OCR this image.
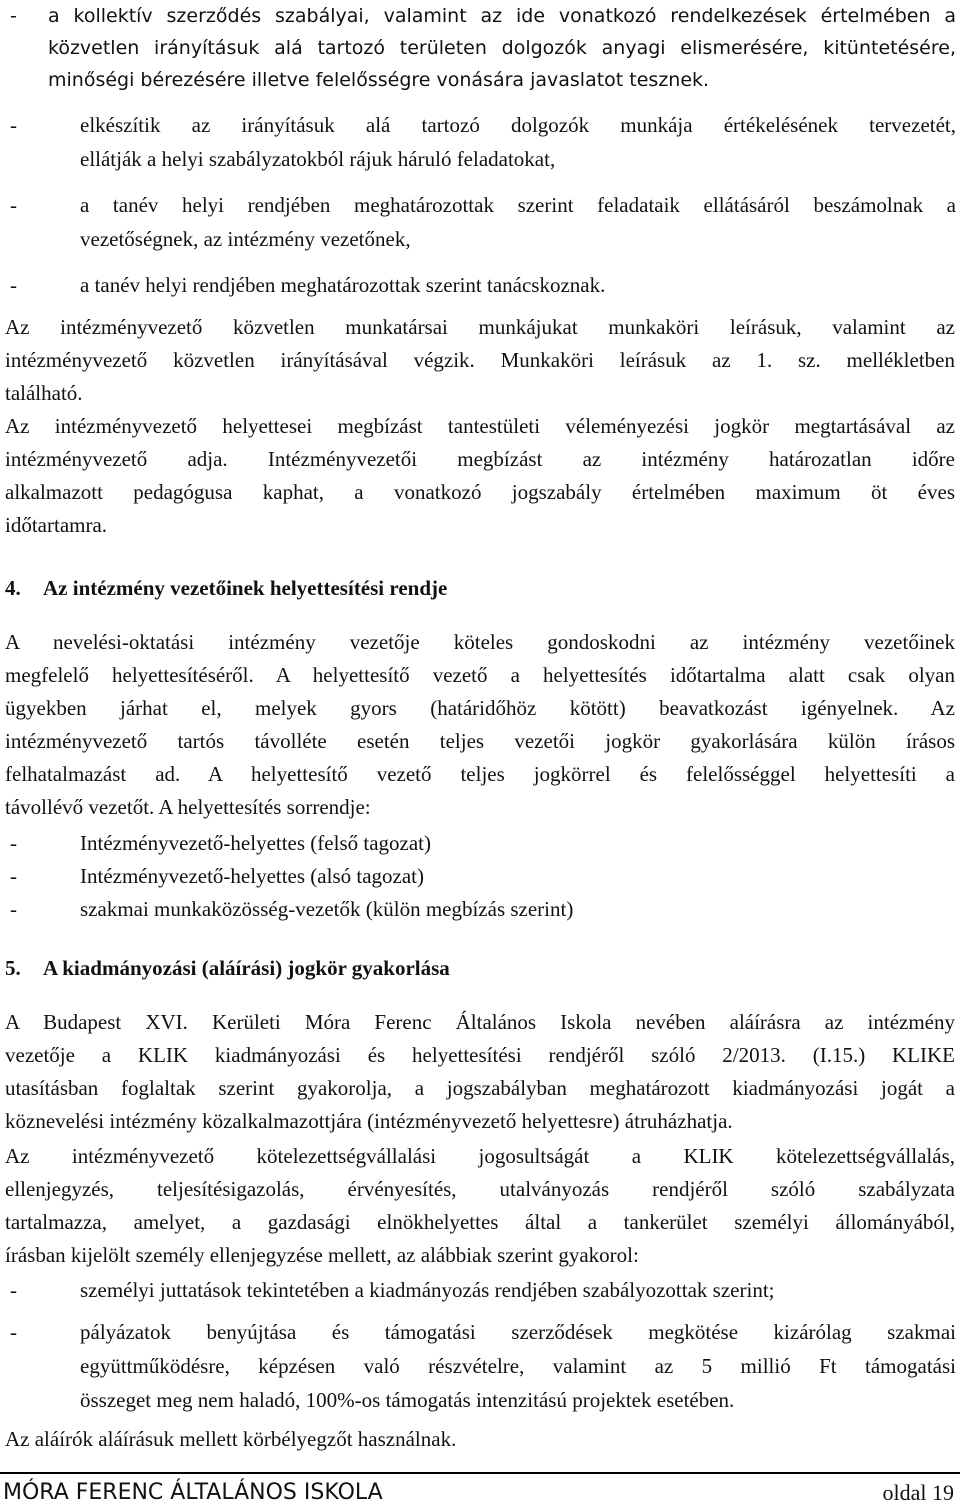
- a kollektív szerződés szabályai, valamint az ide vonatkozó rendelkezések értelmében a
közvetlen irányításuk alá tartozó területen dolgozók anyagi elismerésére, kitüntetésére,
minőségi bérezésére illetve felelősségre vonására javaslatot tesznek.
-	elkészítik az irányításuk alá tartozó dolgozók munkája értékelésének tervezetét,
ellátják a helyi szabályzatokból rájuk háruló feladatokat,
-	a tanév helyi rendjében meghatározottak szerint feladataik ellátásáról beszámolnak a
vezetőségnek, az intézmény vezetőnek,
-	a tanév helyi rendjében meghatározottak szerint tanácskoznak.
Az intézményvezető közvetlen munkatársai munkájukat munkaköri leírásuk, valamint az
intézményvezető közvetlen irányításával végzik. Munkaköri leírásuk az 1. sz. mellékletben
található.
Az intézményvezető helyettesei megbízást tantestületi véleményezési jogkör megtartásával az
intézményvezető adja. Intézményvezetői megbízást az intézmény határozatlan időre
alkalmazott pedagógusa kaphat, a vonatkozó jogszabály értelmében maximum öt éves
időtartamra.
4. Az intézmény vezetőinek helyettesítési rendje
A nevelési-oktatási intézmény vezetője köteles gondoskodni az intézmény vezetőinek
megfelelő helyettesítéséről. A helyettesítő vezető a helyettesítés időtartalma alatt csak olyan
ügyekben járhat el, melyek gyors (határidőhöz kötött) beavatkozást igényelnek. Az
intézményvezető tartós távolléte esetén teljes vezetői jogkör gyakorlására külön írásos
felhatalmazást ad. A helyettesítő vezető teljes jogkörrel és felelősséggel helyettesíti a
távollévő vezetőt. A helyettesítés sorrendje:
-	Intézményvezető-helyettes (felső tagozat)
-	Intézményvezető-helyettes (alsó tagozat)
-	szakmai munkaközösség-vezetők (külön megbízás szerint)
5. A kiadmányozási (aláírási) jogkör gyakorlása
A Budapest XVI. Kerületi Móra Ferenc Általános Iskola nevében aláírásra az intézmény
vezetője a KLIK kiadmányozási és helyettesítési rendjéről szóló 2/2013. (I.15.) KLIKE
utasításban foglaltak szerint gyakorolja, a jogszabályban meghatározott kiadmányozási jogát a
köznevelési intézmény közalkalmazottjára (intézményvezető helyettesre) átruházhatja.
Az intézményvezető kötelezettségvállalási jogosultságát a KLIK kötelezettségvállalás,
ellenjegyzés, teljesítésigazolás, érvényesítés, utalványozás rendjéről szóló szabályzata
tartalmazza, amelyet, a gazdasági elnökhelyettes által a tankerület személyi állományából,
írásban kijelölt személy ellenjegyzése mellett, az alábbiak szerint gyakorol:
-	személyi juttatások tekintetében a kiadmányozás rendjében szabályozottak szerint;
-	pályázatok benyújtása és támogatási szerződések megkötése kizárólag szakmai
együttműködésre, képzésen való részvételre, valamint az 5 millió Ft támogatási
összeget meg nem haladó, 100%-os támogatás intenzitású projektek esetében.
Az aláírók aláírásuk mellett körbélyegzőt használnak.
MÓRA FERENC ÁLTALÁNOS ISKOLA	oldal 19
